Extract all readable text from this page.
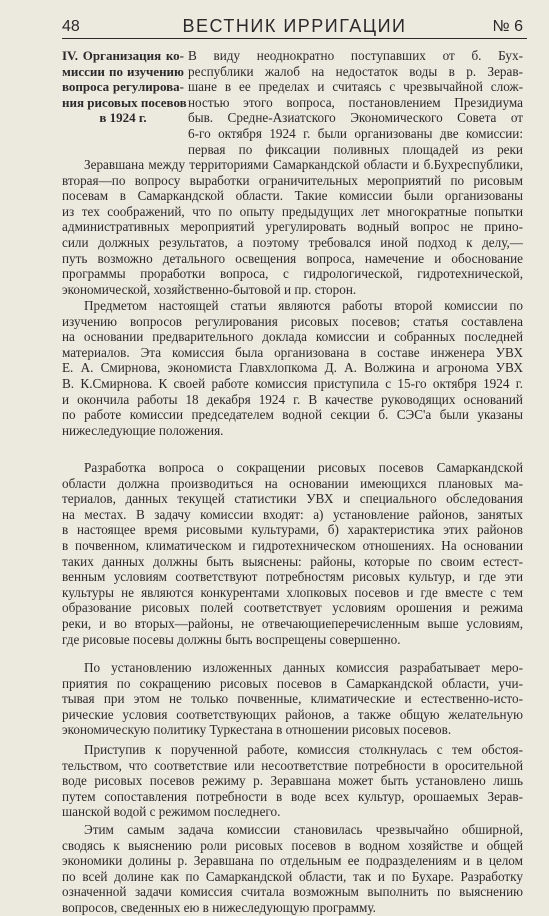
48	ВЕСТНИК ИРРИГАЦИИ	№ 6
IV. Организация ко-
миссии по изучению
вопроса регулирова-
ния рисовых посевов
в 1924 г.
В виду неоднократно поступавших от б. Бух-
республики жалоб на недостаток воды в р. Зерав-
шане в ее пределах и считаясь с чрезвычайной слож-
ностью этого вопроса, постановлением Президиума
быв. Средне-Азиатского Экономического Совета от
6-го октября 1924 г. были организованы две комиссии:
первая по фиксации поливных площадей из реки
Зеравшана между территориями Самаркандской области и б.Бухреспублики,
вторая—по вопросу выработки ограничительных мероприятий по рисовым
посевам в Самаркандской области. Такие комиссии были организованы
из тех соображений, что по опыту предыдущих лет многократные попытки
административных мероприятий урегулировать водный вопрос не прино-
сили должных результатов, а поэтому требовался иной подход к делу,—
путь возможно детального освещения вопроса, намечение и обоснование
программы проработки вопроса, с гидрологической, гидротехнической,
экономической, хозяйственно-бытовой и пр. сторон.
Предметом настоящей статьи являются работы второй комиссии по
изучению вопросов регулирования рисовых посевов; статья составлена
на основании предварительного доклада комиссии и собранных последней
материалов. Эта комиссия была организована в составе инженера УВХ
Е. А. Смирнова, экономиста Главхлопкома Д. А. Волжина и агронома УВХ
В. К.Смирнова. К своей работе комиссия приступила с 15-го октября 1924 г.
и окончила работы 18 декабря 1924 г. В качестве руководящих оснований
по работе комиссии председателем водной секции б. СЭС'а были указаны
нижеследующие положения.
Разработка вопроса о сокращении рисовых посевов Самаркандской
области должна производиться на основании имеющихся плановых ма-
териалов, данных текущей статистики УВХ и специального обследования
на местах. В задачу комиссии входят: а) установление районов, занятых
в настоящее время рисовыми культурами, б) характеристика этих районов
в почвенном, климатическом и гидротехническом отношениях. На основании
таких данных должны быть выяснены: районы, которые по своим естест-
венным условиям соответствуют потребностям рисовых культур, и где эти
культуры не являются конкурентами хлопковых посевов и где вместе с тем
образование рисовых полей соответствует условиям орошения и режима
реки, и во вторых—районы, не отвечающиеперечисленным выше условиям,
где рисовые посевы должны быть воспрещены совершенно.
По установлению изложенных данных комиссия разрабатывает меро-
приятия по сокращению рисовых посевов в Самаркандской области, учи-
тывая при этом не только почвенные, климатические и естественно-исто-
рические условия соответствующих районов, а также общую желательную
экономическую политику Туркестана в отношении рисовых посевов.
Приступив к порученной работе, комиссия столкнулась с тем обстоя-
тельством, что соответствие или несоответствие потребности в оросительной
воде рисовых посевов режиму р. Зеравшана может быть установлено лишь
путем сопоставления потребности в воде всех культур, орошаемых Зерав-
шанской водой с режимом последнего.
Этим самым задача комиссии становилась чрезвычайно обширной,
сводясь к выяснению роли рисовых посевов в водном хозяйстве и общей
экономики долины р. Зеравшана по отдельным ее подразделениям и в целом
по всей долине как по Самаркандской области, так и по Бухаре. Разработку
означенной задачи комиссия считала возможным выполнить по выяснению
вопросов, сведенных ею в нижеследующую программу.
